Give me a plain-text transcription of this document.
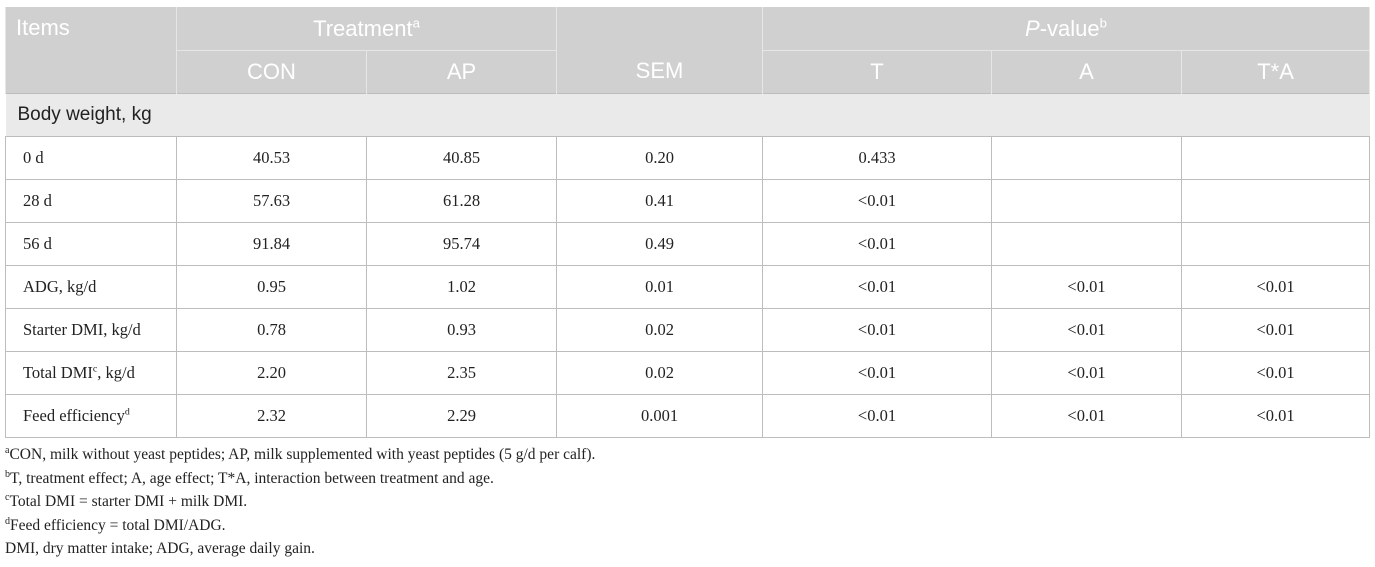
Items	Treatment$^a$		SEM	P-value$^b$
	CON	AP		T	A	T*A
Body weight, kg						
0 d	40.53	40.85	0.20	0.433		
28 d	57.63	61.28	0.41	<0.01		
56 d	91.84	95.74	0.49	<0.01		
ADG, kg/d	0.95	1.02	0.01	<0.01	<0.01	<0.01
Starter DMI, kg/d	0.78	0.93	0.02	<0.01	<0.01	<0.01
Total DMI$^c$, kg/d	2.20	2.35	0.02	<0.01	<0.01	<0.01
Feed efficiency$^d$	2.32	2.29	0.001	<0.01	<0.01	<0.01
$^a$CON, milk without yeast peptides; AP, milk supplemented with yeast peptides (5 g/d per calf).
$^b$T, treatment effect; A, age effect; T*A, interaction between treatment and age.
$^c$Total DMI = starter DMI + milk DMI.
$^d$Feed efficiency = total DMI/ADG.
DMI, dry matter intake; ADG, average daily gain.
